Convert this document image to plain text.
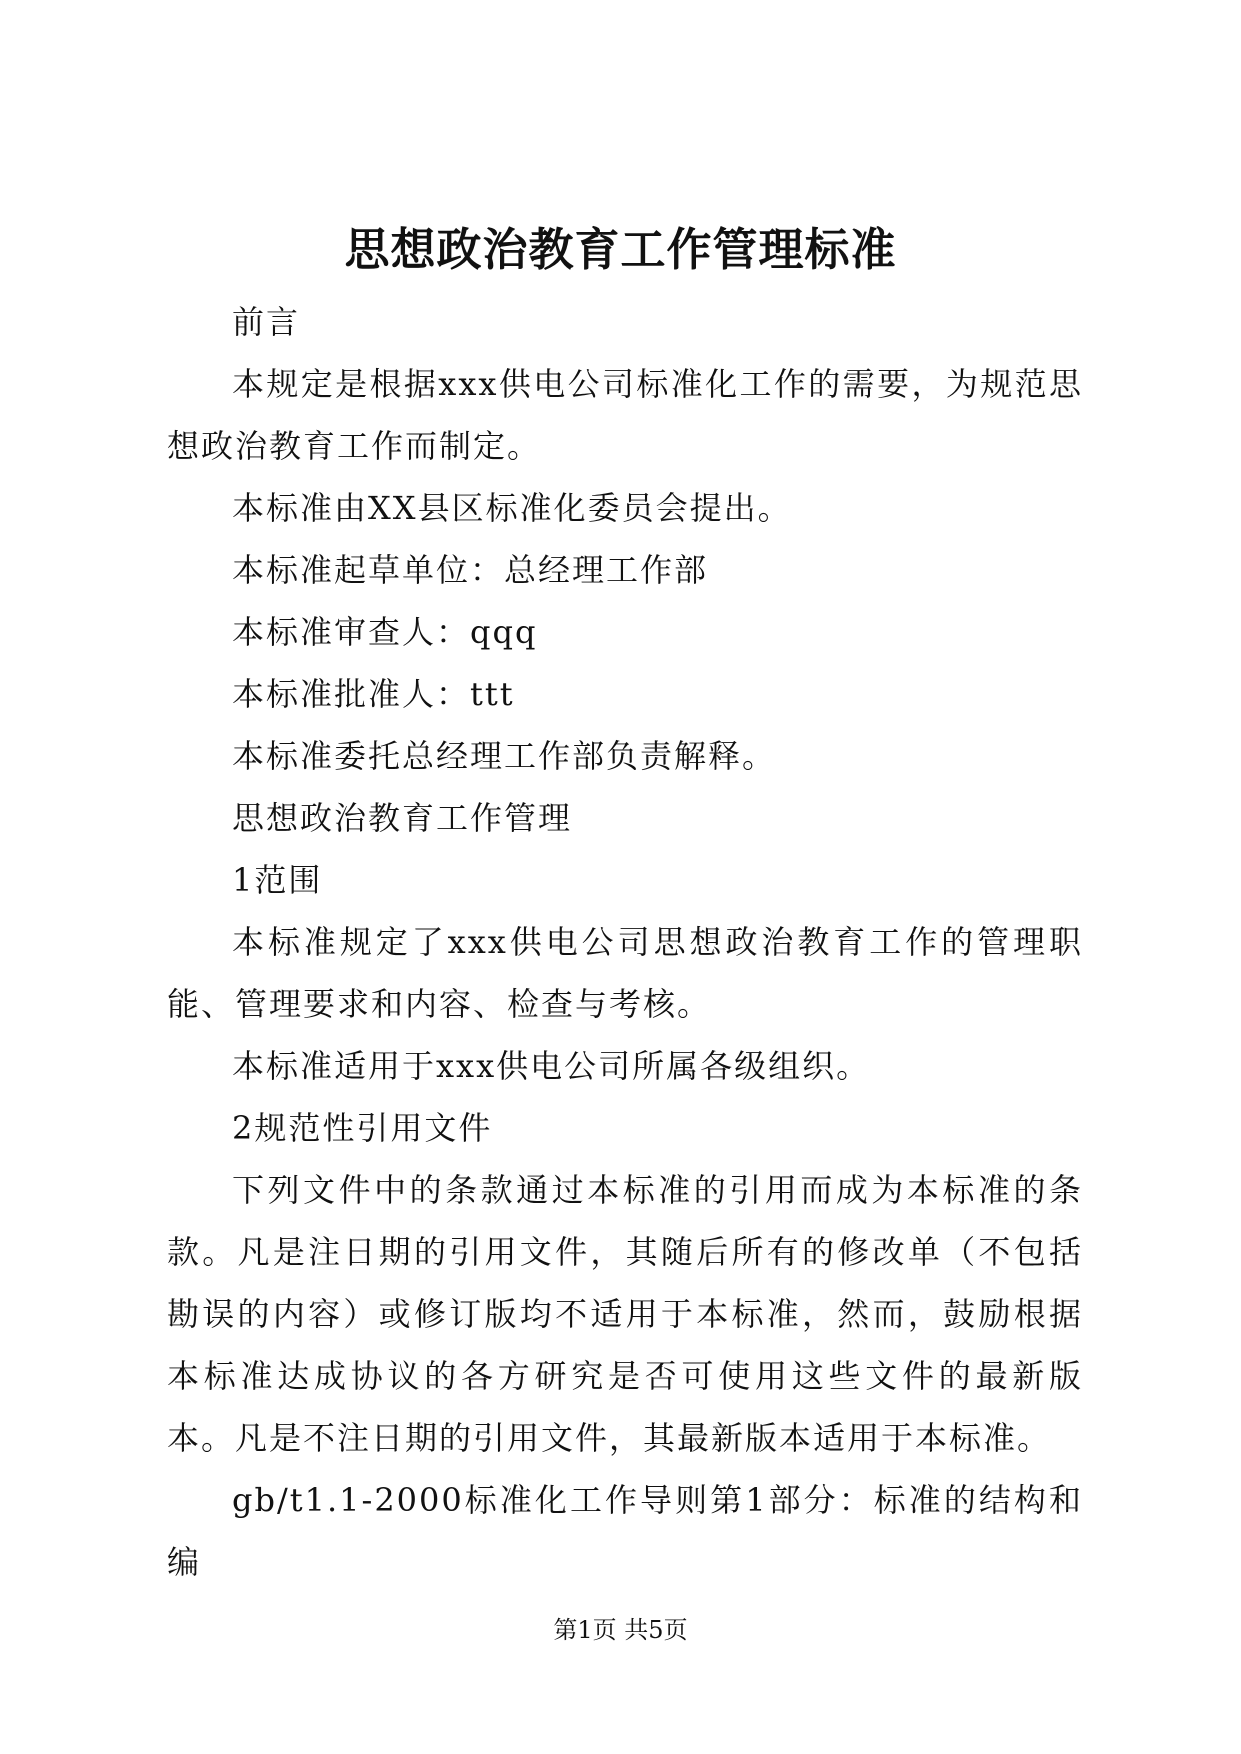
思想政治教育工作管理标准

前言

本规定是根据xxx供电公司标准化工作的需要，为规范思想政治教育工作而制定。

本标准由XX县区标准化委员会提出。

本标准起草单位：总经理工作部

本标准审查人：qqq

本标准批准人：ttt

本标准委托总经理工作部负责解释。

思想政治教育工作管理

1范围

本标准规定了xxx供电公司思想政治教育工作的管理职能、管理要求和内容、检查与考核。

本标准适用于xxx供电公司所属各级组织。

2规范性引用文件

下列文件中的条款通过本标准的引用而成为本标准的条款。凡是注日期的引用文件，其随后所有的修改单（不包括勘误的内容）或修订版均不适用于本标准，然而，鼓励根据本标准达成协议的各方研究是否可使用这些文件的最新版本。凡是不注日期的引用文件，其最新版本适用于本标准。

gb/t1.1-2000标准化工作导则第1部分：标准的结构和编

第1页 共5页
